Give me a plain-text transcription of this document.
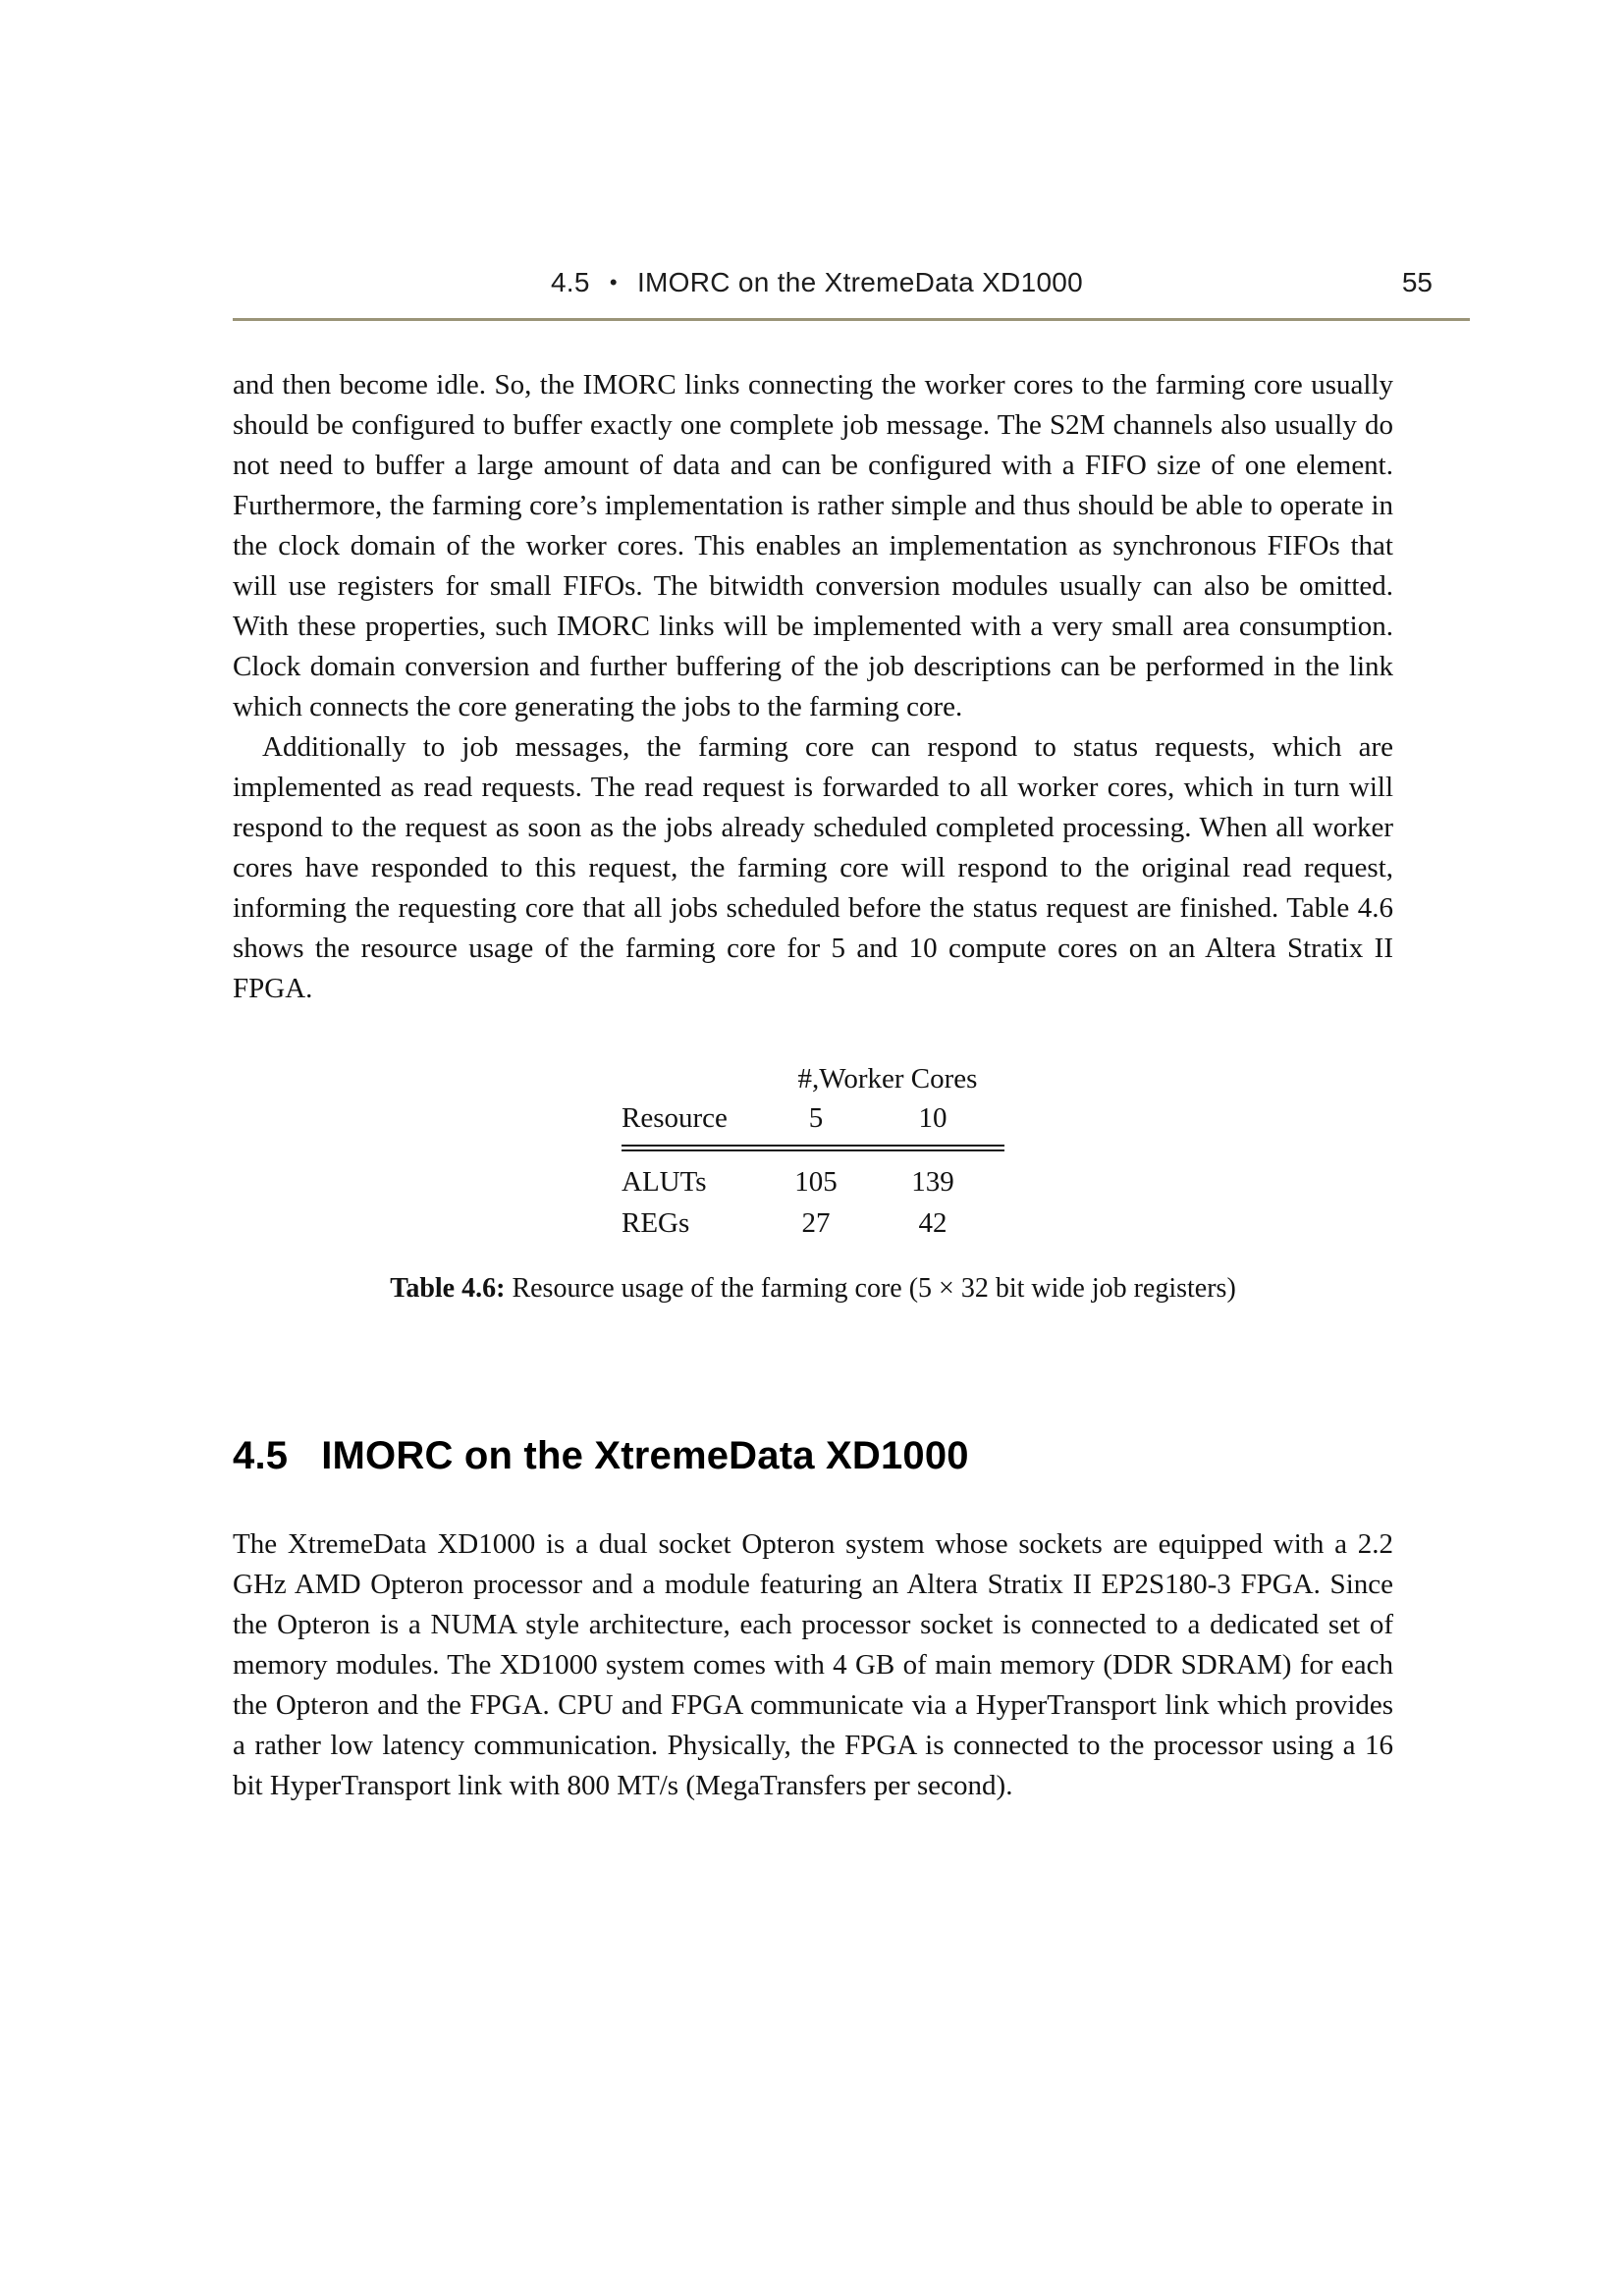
4.5 • IMORC on the XtremeData XD1000	55

and then become idle. So, the IMORC links connecting the worker cores to the farming core usually should be configured to buffer exactly one complete job message. The S2M channels also usually do not need to buffer a large amount of data and can be configured with a FIFO size of one element. Furthermore, the farming core’s implementation is rather simple and thus should be able to operate in the clock domain of the worker cores. This enables an implementation as synchronous FIFOs that will use registers for small FIFOs. The bitwidth conversion modules usually can also be omitted. With these properties, such IMORC links will be implemented with a very small area consumption. Clock domain conversion and further buffering of the job descriptions can be performed in the link which connects the core generating the jobs to the farming core.

Additionally to job messages, the farming core can respond to status requests, which are implemented as read requests. The read request is forwarded to all worker cores, which in turn will respond to the request as soon as the jobs already scheduled completed processing. When all worker cores have responded to this request, the farming core will respond to the original read request, informing the requesting core that all jobs scheduled before the status request are finished. Table 4.6 shows the resource usage of the farming core for 5 and 10 compute cores on an Altera Stratix II FPGA.

	#,Worker Cores	
Resource	5	10
ALUTs	105	139
REGs	27	42

Table 4.6: Resource usage of the farming core (5 × 32 bit wide job registers)

4.5 IMORC on the XtremeData XD1000

The XtremeData XD1000 is a dual socket Opteron system whose sockets are equipped with a 2.2 GHz AMD Opteron processor and a module featuring an Altera Stratix II EP2S180-3 FPGA. Since the Opteron is a NUMA style architecture, each processor socket is connected to a dedicated set of memory modules. The XD1000 system comes with 4 GB of main memory (DDR SDRAM) for each the Opteron and the FPGA. CPU and FPGA communicate via a HyperTransport link which provides a rather low latency communication. Physically, the FPGA is connected to the processor using a 16 bit HyperTransport link with 800 MT/s (MegaTransfers per second).
